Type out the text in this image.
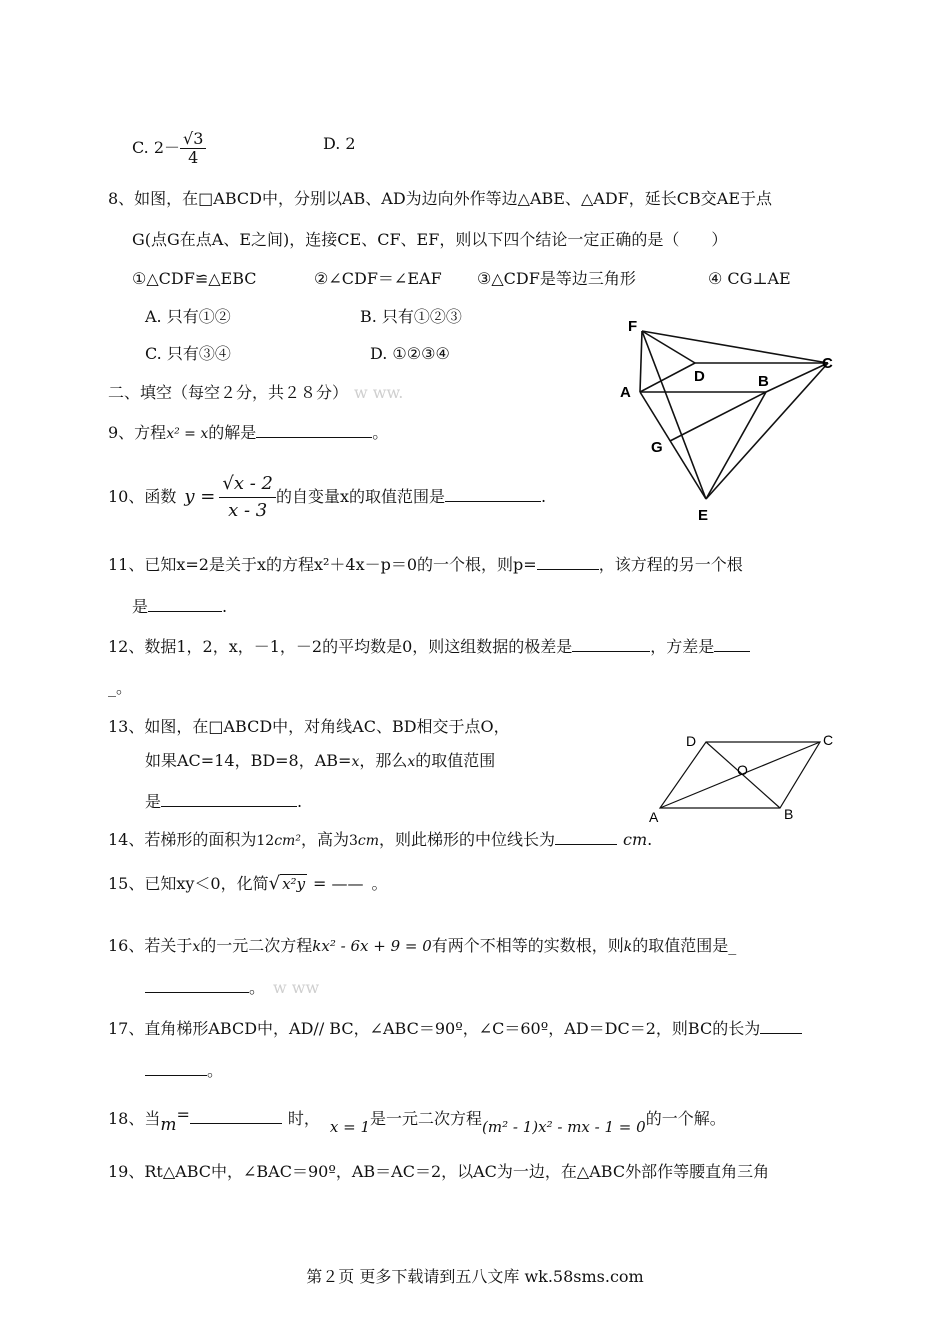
C. $2- \frac{√3}{4}$	D. 2
8、如图，在□ABCD中，分别以AB、AD为边向外作等边△ABE、△ADF，延长CB交AE于点
G(点G在点A、E之间)，连接CE、CF、EF，则以下四个结论一定正确的是（　　）
①△CDF≌△EBC	②∠CDF＝∠EAF ③△CDF是等边三角形	④ CG⊥AE
A. 只有①②	B. 只有①②③
C. 只有③④	D. ①②③④
F
D
C
A
B
G
E
二、填空（每空２分，共２８分） w ww.
9、方程x² = x的解是	。
10、函数 $y = \frac{√x - 2}{x - 3}$ 的自变量x的取值范围是	.
11、已知x=2是关于x的方程x²＋4x－p＝0的一个根，则p=	，该方程的另一个根
是	.
12、数据1，2，x，－1，－2的平均数是0，则这组数据的极差是	，方差是
_。
13、如图，在□ABCD中，对角线AC、BD相交于点O，
如果AC=14，BD=8，AB=x，那么x的取值范围
是	.
D	C
O
A	B
14、若梯形的面积为12cm²，高为3cm，则此梯形的中位线长为	cm.
15、已知xy＜0，化简√ x²y = —— 。
16、若关于x的一元二次方程kx² - 6x + 9 = 0有两个不相等的实数根，则k的取值范围是_
。 w ww
17、直角梯形ABCD中，AD// BC，∠ABC＝90º，∠C＝60º，AD＝DC＝2，则BC的长为
。
18、当m=	时， x = 1是一元二次方程(m² - 1)x² - mx - 1 = 0的一个解。
19、Rt△ABC中，∠BAC＝90º，AB＝AC＝2，以AC为一边，在△ABC外部作等腰直角三角
第２页 更多下载请到五八文库 wk.58sms.com
